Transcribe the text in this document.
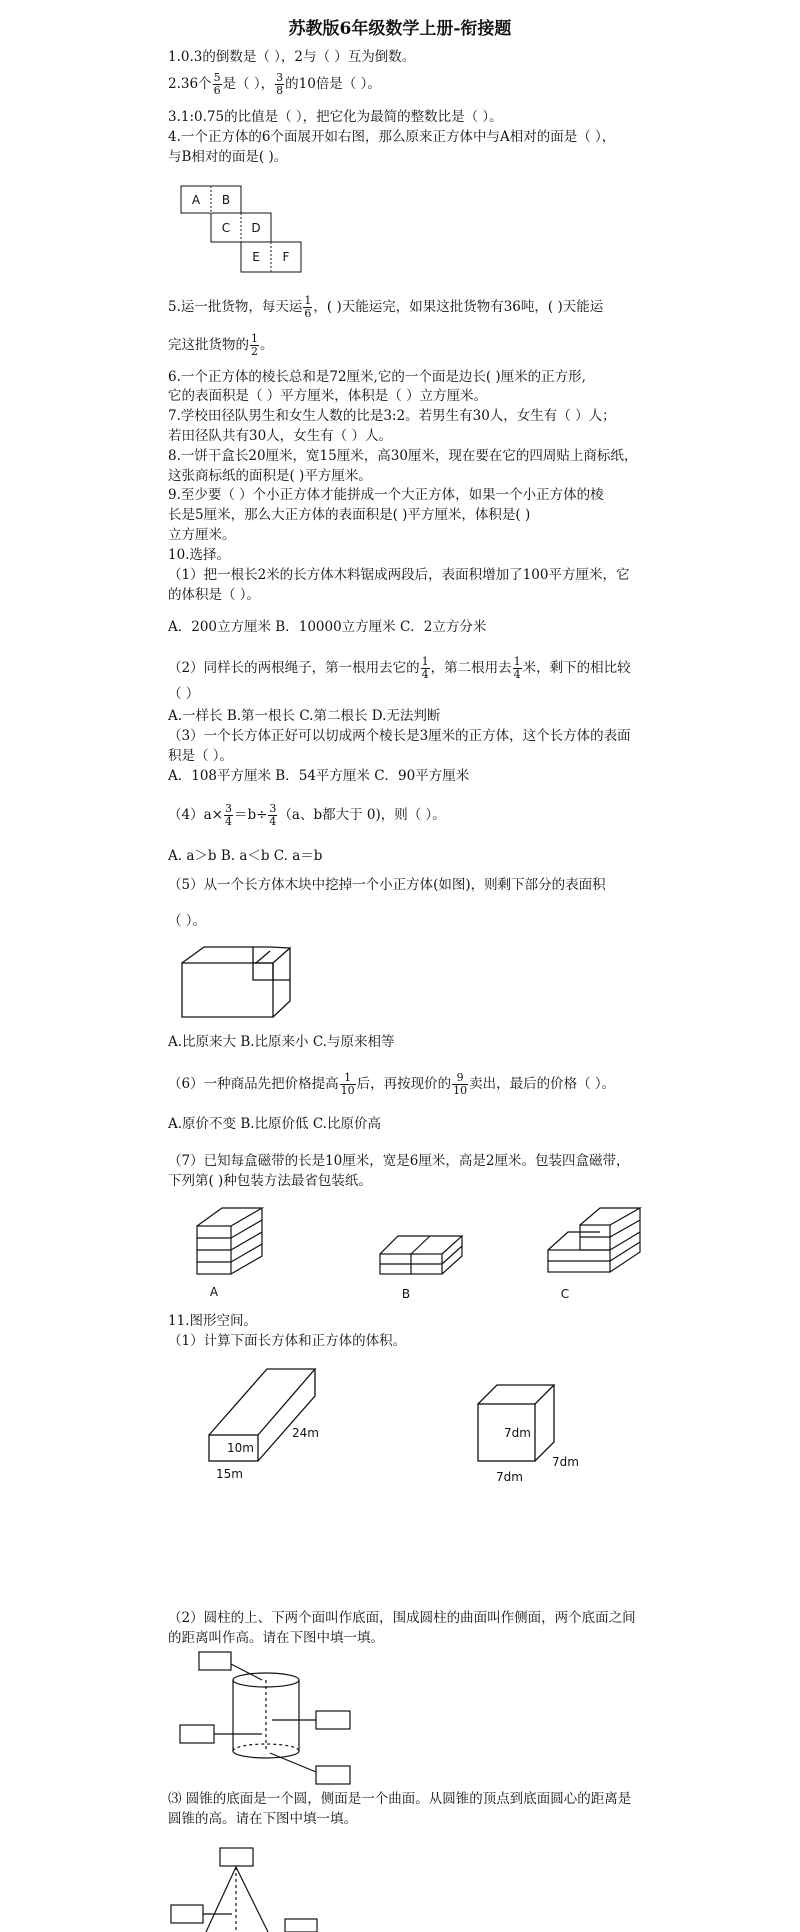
苏教版6年级数学上册-衔接题
1.0.3的倒数是（ ），2与（ ）互为倒数。
2.36个 $\frac{5}{6}$ 是（ ）， $\frac{3}{8}$ 的10倍是（ ）。
3.1:0.75的比值是（ ），把它化为最简的整数比是（ ）。
4.一个正方体的6个面展开如右图，那么原来正方体中与A相对的面是（ ），
与B相对的面是( )。
5.运一批货物，每天运 $\frac{1}{6}$ ，( )天能运完，如果这批货物有36吨，( )天能运
完这批货物的 $\frac{1}{2}$ 。
6.一个正方体的棱长总和是72厘米,它的一个面是边长( )厘米的正方形,
它的表面积是（ ）平方厘米，体积是（ ）立方厘米。
7.学校田径队男生和女生人数的比是3:2。若男生有30人，女生有（ ）人；
若田径队共有30人，女生有（ ）人。
8.一饼干盒长20厘米，宽15厘米，高30厘米，现在要在它的四周贴上商标纸，
这张商标纸的面积是( )平方厘米。
9.至少要（ ）个小正方体才能拼成一个大正方体，如果一个小正方体的棱
长是5厘米，那么大正方体的表面积是( )平方厘米，体积是( )
立方厘米。
10.选择。
（1）把一根长2米的长方体木料锯成两段后，表面积增加了100平方厘米，它
的体积是（ ）。
A．200立方厘米 B．10000立方厘米 C．2立方分米
（2）同样长的两根绳子，第一根用去它的 $\frac{1}{4}$ ，第二根用去 $\frac{1}{4}$ 米，剩下的相比较
（ ）
A.一样长 B.第一根长 C.第二根长 D.无法判断
（3）一个长方体正好可以切成两个棱长是3厘米的正方体，这个长方体的表面
积是（ ）。
A．108平方厘米 B．54平方厘米 C．90平方厘米
$(4)a\times \frac{3}{4} =b\div \frac{3}{4} (a$、b都大于 0)，则（ ）。
A. a＞b B. a＜b C. a＝b
（5）从一个长方体木块中挖掉一个小正方体(如图)，则剩下部分的表面积
（ ）。
A.比原来大 B.比原来小 C.与原来相等
（6）一种商品先把价格提高 $\frac{1}{10}$ 后，再按现价的 $\frac{9}{10}$ 卖出，最后的价格（ ）。
A.原价不变 B.比原价低 C.比原价高
（7）已知每盒磁带的长是10厘米，宽是6厘米，高是2厘米。包装四盒磁带，
下列第( )种包装方法最省包装纸。
11.图形空间。
（1）计算下面长方体和正方体的体积。
（2）圆柱的上、下两个面叫作底面，围成圆柱的曲面叫作侧面，两个底面之间
的距离叫作高。请在下图中填一填。
⑶ 圆锥的底面是一个圆，侧面是一个曲面。从圆锥的顶点到底面圆心的距离是
圆锥的高。请在下图中填一填。
A B
C D
E F
A	B	C
10m
24m
15m
7dm
7dm
7dm
